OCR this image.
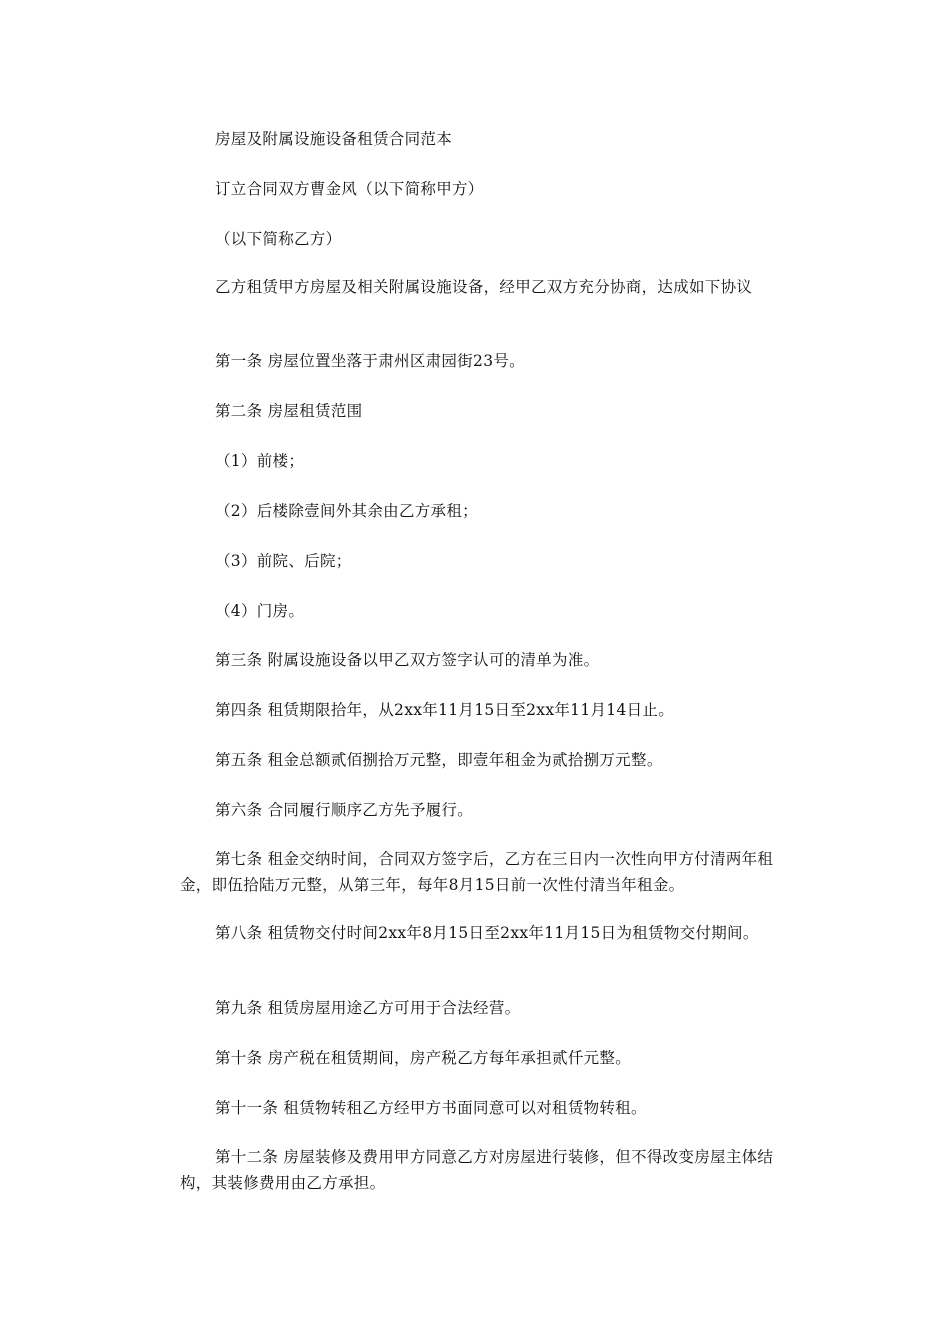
房屋及附属设施设备租赁合同范本
订立合同双方曹金风（以下简称甲方）
（以下简称乙方）
乙方租赁甲方房屋及相关附属设施设备，经甲乙双方充分协商，达成如下协议
第一条 房屋位置坐落于肃州区肃园街23号。
第二条 房屋租赁范围
（1）前楼；
（2）后楼除壹间外其余由乙方承租；
（3）前院、后院；
（4）门房。
第三条 附属设施设备以甲乙双方签字认可的清单为准。
第四条 租赁期限拾年，从2xx年11月15日至2xx年11月14日止。
第五条 租金总额贰佰捌拾万元整，即壹年租金为贰拾捌万元整。
第六条 合同履行顺序乙方先予履行。
第七条 租金交纳时间，合同双方签字后，乙方在三日内一次性向甲方付清两年租金，即伍拾陆万元整，从第三年，每年8月15日前一次性付清当年租金。
第八条 租赁物交付时间2xx年8月15日至2xx年11月15日为租赁物交付期间。
第九条 租赁房屋用途乙方可用于合法经营。
第十条 房产税在租赁期间，房产税乙方每年承担贰仟元整。
第十一条 租赁物转租乙方经甲方书面同意可以对租赁物转租。
第十二条 房屋装修及费用甲方同意乙方对房屋进行装修，但不得改变房屋主体结构，其装修费用由乙方承担。
